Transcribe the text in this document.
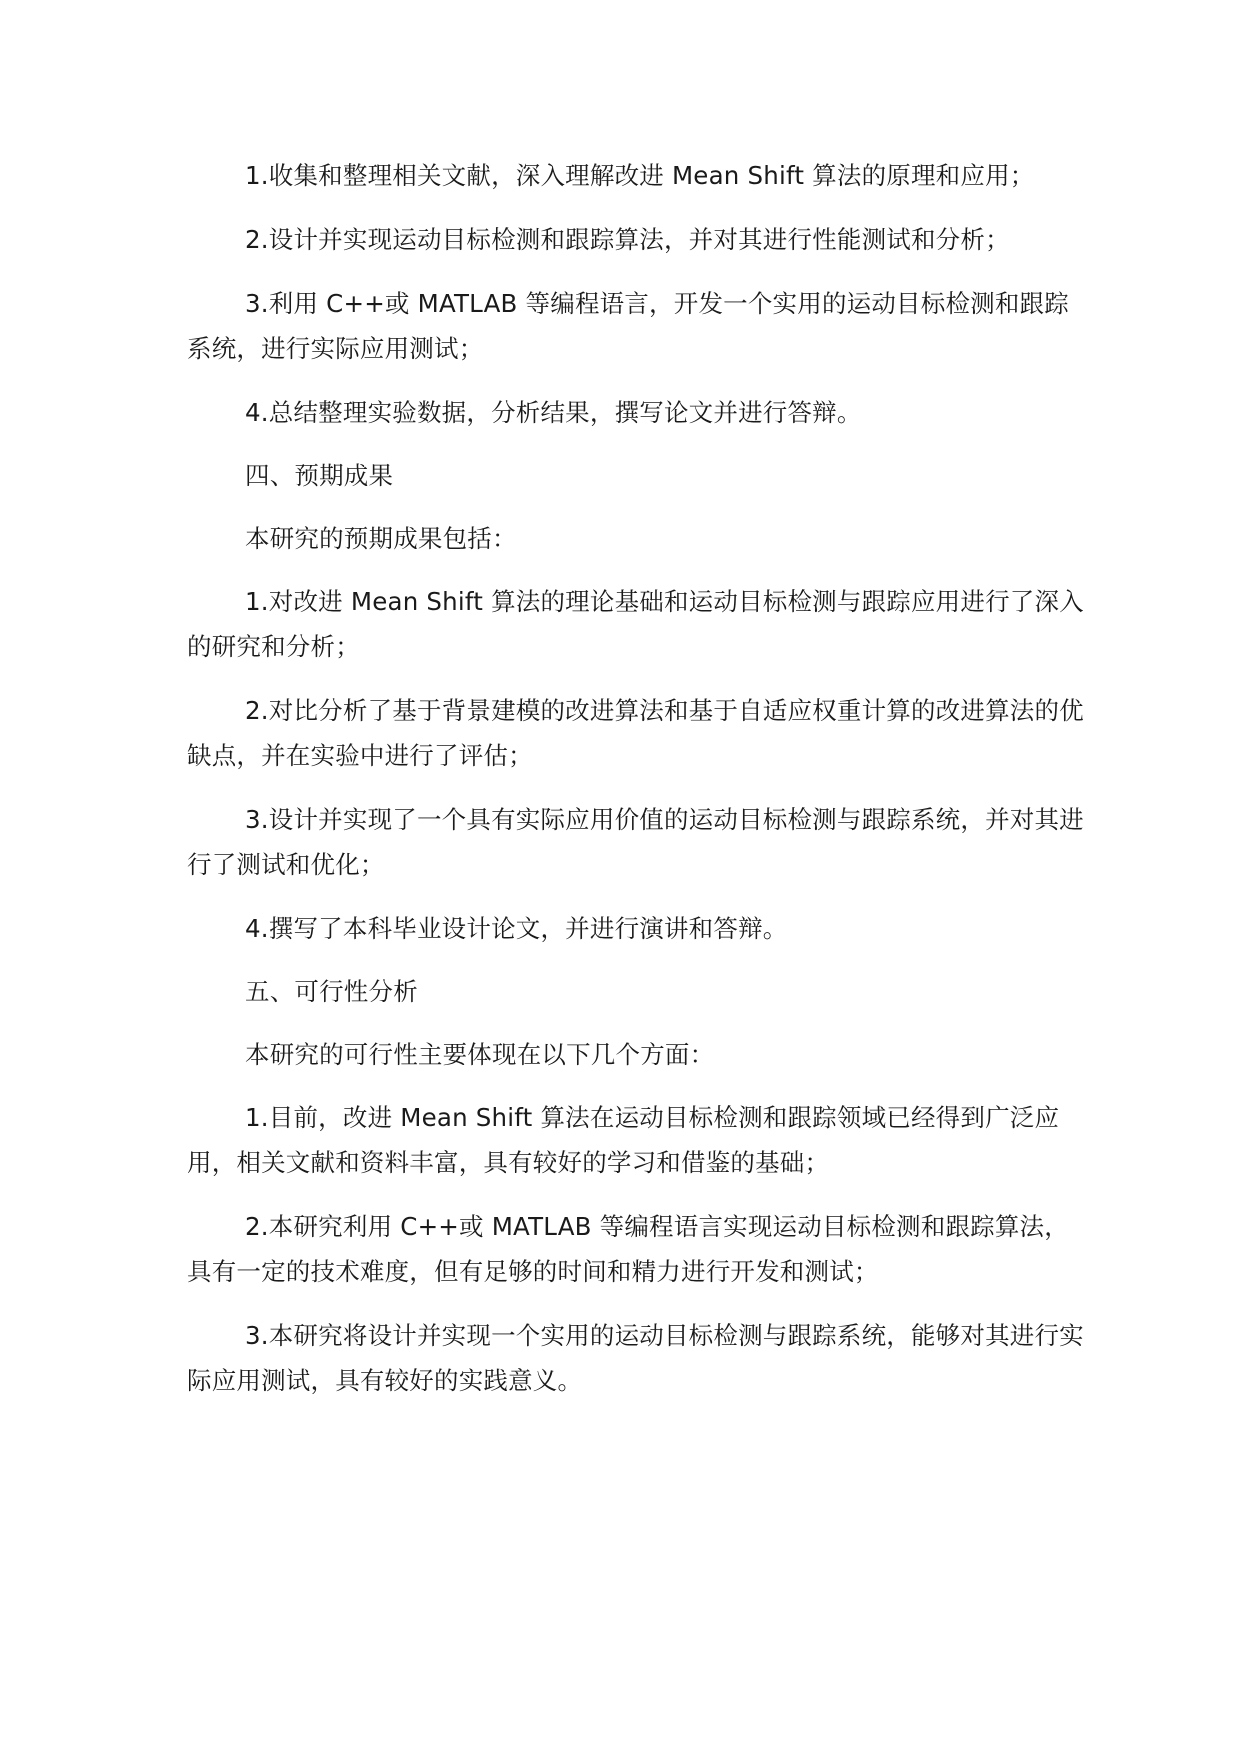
1.收集和整理相关文献，深入理解改进 Mean Shift 算法的原理和应用；

2.设计并实现运动目标检测和跟踪算法，并对其进行性能测试和分析；

3.利用 C++或 MATLAB 等编程语言，开发一个实用的运动目标检测和跟踪系统，进行实际应用测试；

4.总结整理实验数据，分析结果，撰写论文并进行答辩。

四、预期成果

本研究的预期成果包括：

1.对改进 Mean Shift 算法的理论基础和运动目标检测与跟踪应用进行了深入的研究和分析；

2.对比分析了基于背景建模的改进算法和基于自适应权重计算的改进算法的优缺点，并在实验中进行了评估；

3.设计并实现了一个具有实际应用价值的运动目标检测与跟踪系统，并对其进行了测试和优化；

4.撰写了本科毕业设计论文，并进行演讲和答辩。

五、可行性分析

本研究的可行性主要体现在以下几个方面：

1.目前，改进 Mean Shift 算法在运动目标检测和跟踪领域已经得到广泛应用，相关文献和资料丰富，具有较好的学习和借鉴的基础；

2.本研究利用 C++或 MATLAB 等编程语言实现运动目标检测和跟踪算法，具有一定的技术难度，但有足够的时间和精力进行开发和测试；

3.本研究将设计并实现一个实用的运动目标检测与跟踪系统，能够对其进行实际应用测试，具有较好的实践意义。
